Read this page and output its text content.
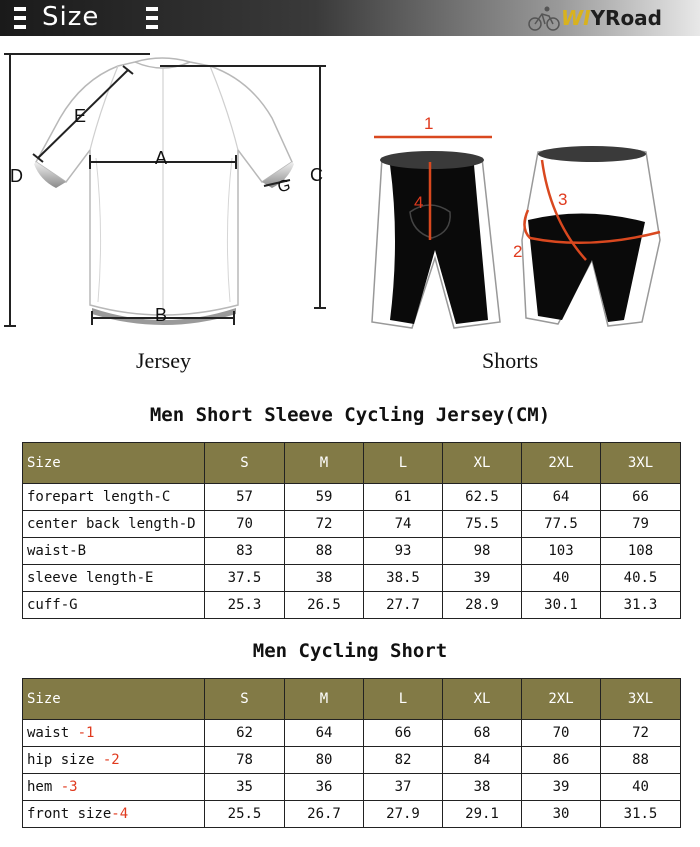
Size	WI YRoad
A
B
C
D
E
G
Jersey
1
2
3
4
Shorts
Men Short Sleeve Cycling Jersey(CM)
Size	S	M	L	XL	2XL	3XL
forepart length-C	57	59	61	62.5	64	66
center back length-D	70	72	74	75.5	77.5	79
waist-B	83	88	93	98	103	108
sleeve length-E	37.5	38	38.5	39	40	40.5
cuff-G	25.3	26.5	27.7	28.9	30.1	31.3
Men Cycling Short
Size	S	M	L	XL	2XL	3XL
waist -1	62	64	66	68	70	72
hip size -2	78	80	82	84	86	88
hem -3	35	36	37	38	39	40
front size-4	25.5	26.7	27.9	29.1	30	31.5
